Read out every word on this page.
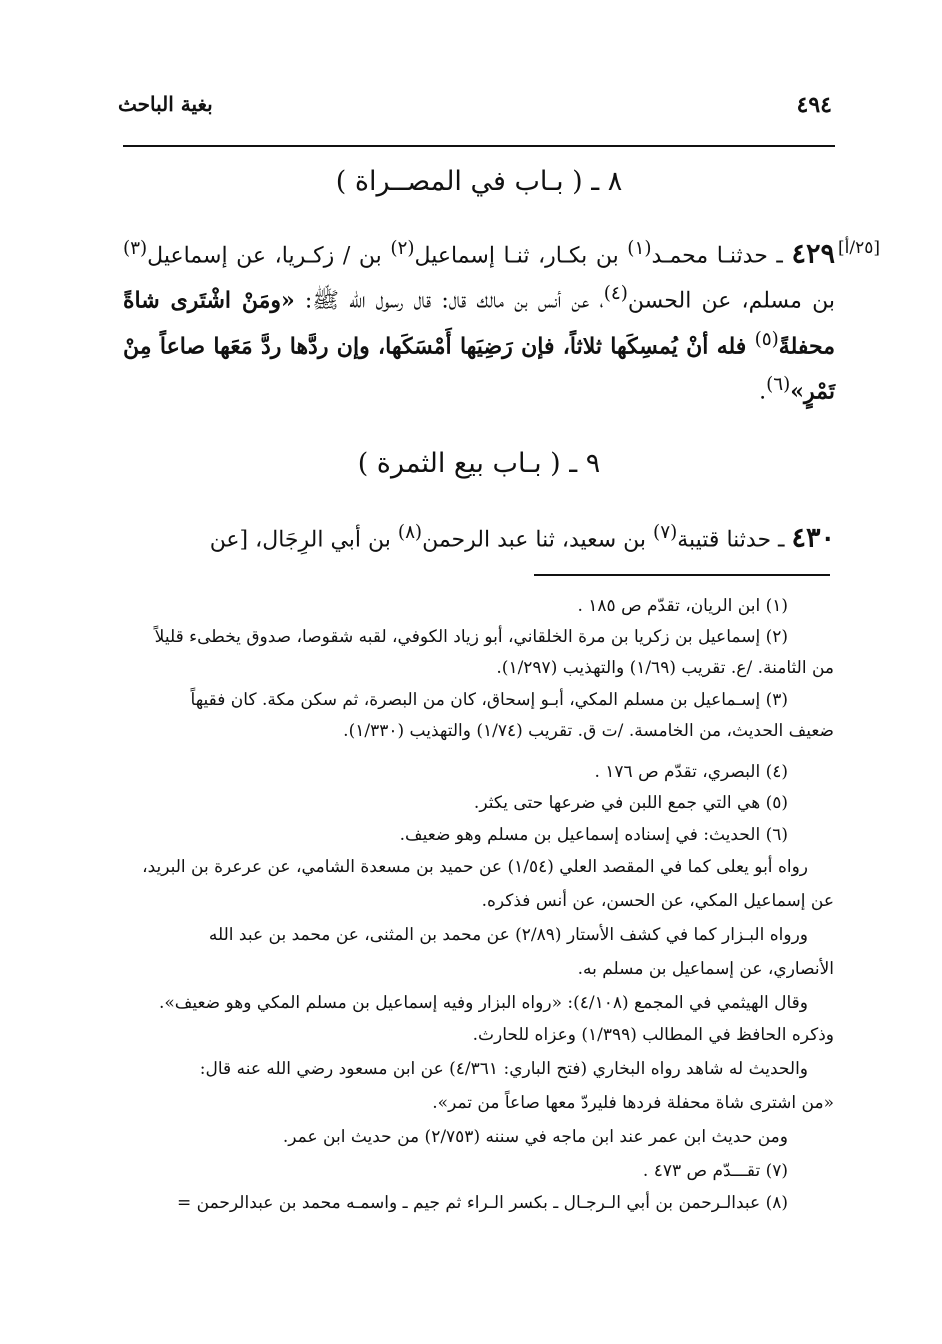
بغية الباحث	٤٩٤
٨ ـ ( بـاب في المصــراة )
[٢٥/أ]
٤٢٩ ـ حدثنـا محمـد$^{(١)}$ بن بكـار، ثنـا إسماعيل$^{(٢)}$ بن / زكـريا، عن إسماعيل$^{(٣)}$ بن مسلم، عن الحسن$^{(٤)}$، عن أنس بن مالك قال: قال رسول الله ﷺ: «ومَنْ اشْتَرى شاةً محفلةً$^{(٥)}$ فله أنْ يُمسِكَها ثلاثاً، فإن رَضِيَها أَمْسَكَها، وإن ردَّها ردَّ مَعَها صاعاً مِنْ تَمْرٍ»$^{(٦)}$.
٩ ـ ( بـاب بيع الثمرة )
٤٣٠ ـ حدثنا قتيبة$^{(٧)}$ بن سعيد، ثنا عبد الرحمن$^{(٨)}$ بن أبي الرِجَال، [عن
(١) ابن الريان، تقدّم ص ١٨٥ .
(٢) إسماعيل بن زكريا بن مرة الخلقاني، أبو زياد الكوفي، لقبه شقوصا، صدوق يخطىء قليلاً
من الثامنة. /ع. تقريب (١/٦٩) والتهذيب (١/٢٩٧).
(٣) إسـماعيل بن مسلم المكي، أبـو إسحاق، كان من البصرة، ثم سكن مكة. كان فقيهاً
ضعيف الحديث، من الخامسة. /ت ق. تقريب (١/٧٤) والتهذيب (١/٣٣٠).
(٤) البصري، تقدّم ص ١٧٦ .
(٥) هي التي جمع اللبن في ضرعها حتى يكثر.
(٦) الحديث: في إسناده إسماعيل بن مسلم وهو ضعيف.
رواه أبو يعلى كما في المقصد العلي (١/٥٤) عن حميد بن مسعدة الشامي، عن عرعرة بن البريد،
عن إسماعيل المكي، عن الحسن، عن أنس فذكره.
ورواه البـزار كما في كشف الأستار (٢/٨٩) عن محمد بن المثنى، عن محمد بن عبد الله
الأنصاري، عن إسماعيل بن مسلم به.
وقال الهيثمي في المجمع (٤/١٠٨): «رواه البزار وفيه إسماعيل بن مسلم المكي وهو ضعيف».
وذكره الحافظ في المطالب (١/٣٩٩) وعزاه للحارث.
والحديث له شاهد رواه البخاري (فتح الباري: ٤/٣٦١) عن ابن مسعود رضي الله عنه قال:
«من اشترى شاة محفلة فردها فليردّ معها صاعاً من تمر».
ومن حديث ابن عمر عند ابن ماجه في سننه (٢/٧٥٣) من حديث ابن عمر.
(٧) تقـــدّم ص ٤٧٣ .
(٨) عبدالـرحمن بن أبي الـرجـال ـ بكسر الـراء ثم جيم ـ واسمـه محمد بن عبدالرحمن =
